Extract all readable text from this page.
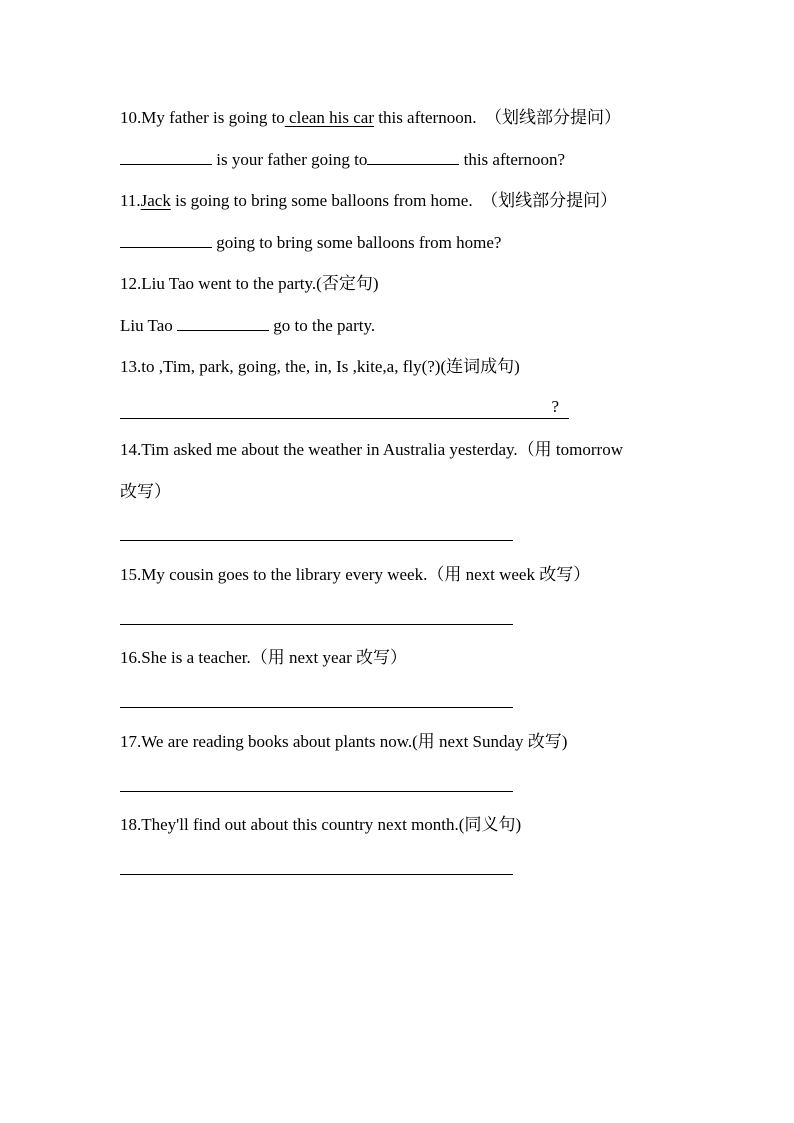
10.My father is going to clean his car this afternoon. （划线部分提问）
is your father going to	this afternoon?
11.Jack is going to bring some balloons from home. （划线部分提问）
going to bring some balloons from home?
12.Liu Tao went to the party.(否定句)
Liu Tao	go to the party.
13.to ,Tim, park, going, the, in, Is ,kite,a, fly(?)(连词成句)
?
14.Tim asked me about the weather in Australia yesterday.（用 tomorrow
改写）
15.My cousin goes to the library every week.（用 next week 改写）
16.She is a teacher.（用 next year 改写）
17.We are reading books about plants now.(用 next Sunday 改写)
18.They'll find out about this country next month.(同义句)
